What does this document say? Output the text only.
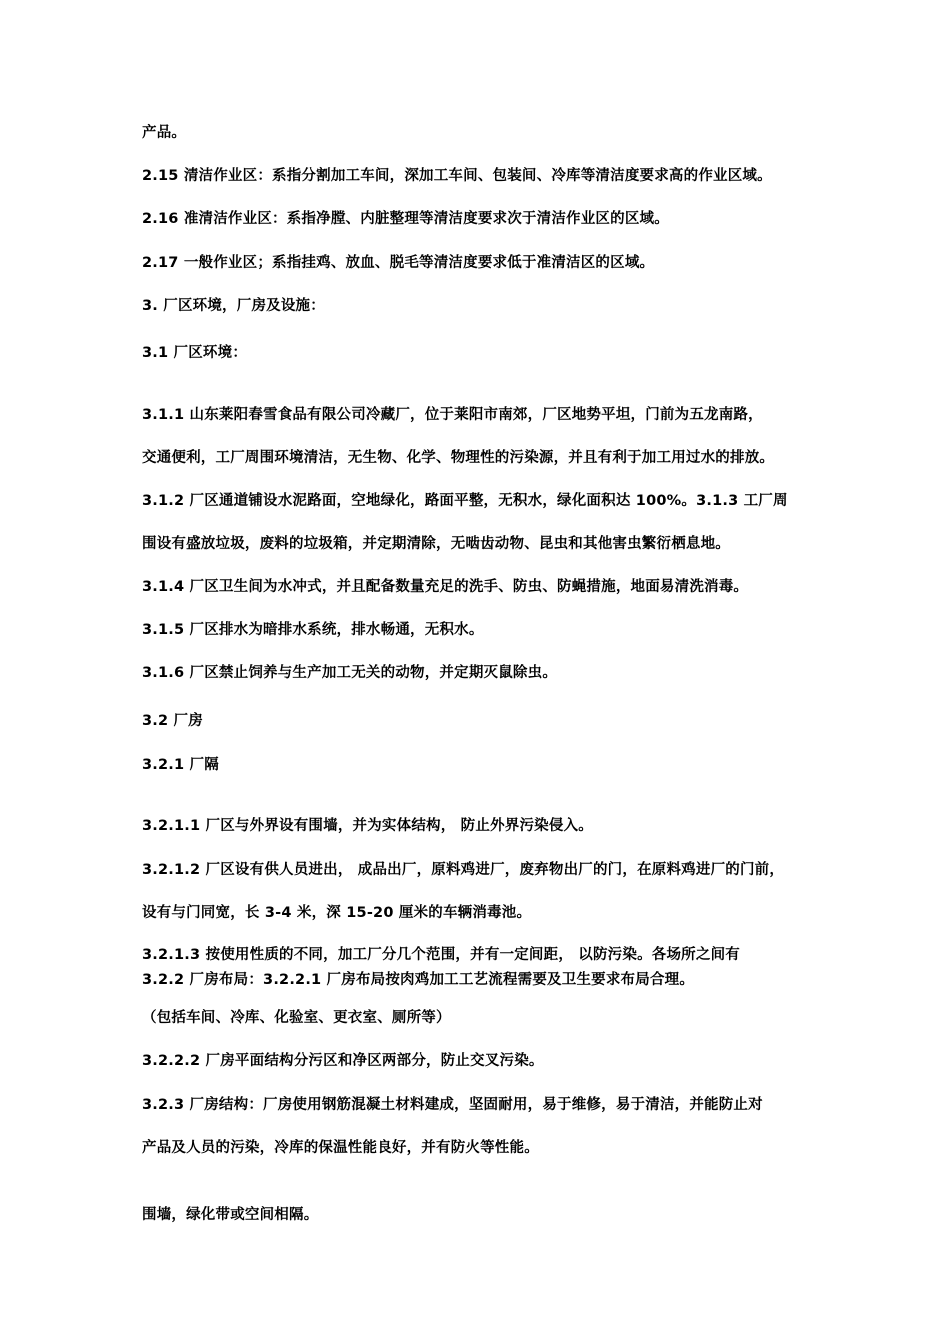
产品。
2.15 清洁作业区：系指分割加工车间，深加工车间、包装间、冷库等清洁度要求高的作业区域。
2.16 准清洁作业区：系指净膛、内脏整理等清洁度要求次于清洁作业区的区域。
2.17 一般作业区；系指挂鸡、放血、脱毛等清洁度要求低于准清洁区的区域。
3. 厂区环境，厂房及设施：
3.1 厂区环境：
3.1.1 山东莱阳春雪食品有限公司冷藏厂，位于莱阳市南郊，厂区地势平坦，门前为五龙南路，
交通便利，工厂周围环境清洁，无生物、化学、物理性的污染源，并且有利于加工用过水的排放。
3.1.2 厂区通道铺设水泥路面，空地绿化，路面平整，无积水，绿化面积达 100%。3.1.3 工厂周
围设有盛放垃圾，废料的垃圾箱，并定期清除，无啮齿动物、昆虫和其他害虫繁衍栖息地。
3.1.4 厂区卫生间为水冲式，并且配备数量充足的洗手、防虫、防蝇措施，地面易清洗消毒。
3.1.5 厂区排水为暗排水系统，排水畅通，无积水。
3.1.6 厂区禁止饲养与生产加工无关的动物，并定期灭鼠除虫。
3.2 厂房
3.2.1 厂隔
3.2.1.1 厂区与外界设有围墙，并为实体结构， 防止外界污染侵入。
3.2.1.2 厂区设有供人员进出， 成品出厂，原料鸡进厂，废弃物出厂的门，在原料鸡进厂的门前，
设有与门同宽，长 3-4 米，深 15-20 厘米的车辆消毒池。
3.2.1.3 按使用性质的不同，加工厂分几个范围，并有一定间距， 以防污染。各场所之间有
3.2.2 厂房布局：3.2.2.1 厂房布局按肉鸡加工工艺流程需要及卫生要求布局合理。
（包括车间、冷库、化验室、更衣室、厕所等）
3.2.2.2 厂房平面结构分污区和净区两部分，防止交叉污染。
3.2.3 厂房结构：厂房使用钢筋混凝土材料建成，坚固耐用，易于维修，易于清洁，并能防止对
产品及人员的污染，冷库的保温性能良好，并有防火等性能。
围墙，绿化带或空间相隔。
